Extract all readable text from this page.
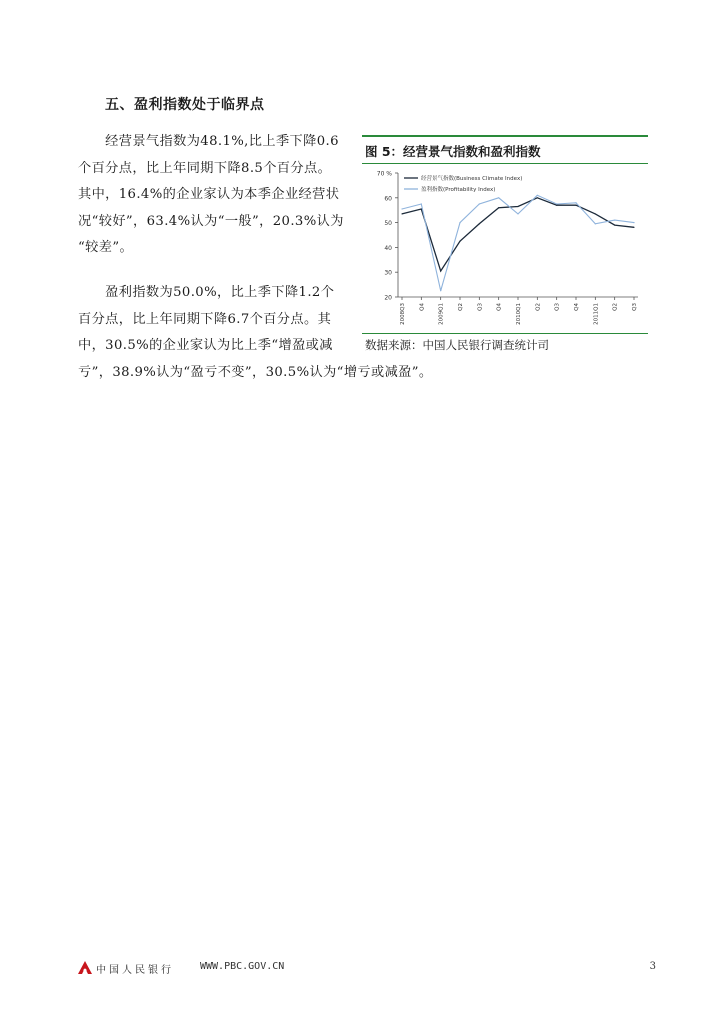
五、盈利指数处于临界点
　　经营景气指数为48.1%,比上季下降0.6
个百分点，比上年同期下降8.5个百分点。
其中，16.4%的企业家认为本季企业经营状
况“较好”，63.4%认为“一般”，20.3%认为
“较差”。
　　盈利指数为50.0%，比上季下降1.2个
百分点，比上年同期下降6.7个百分点。其
中，30.5%的企业家认为比上季“增盈或减
亏”，38.9%认为“盈亏不变”，30.5%认为“增亏或减盈”。
图 5：经营景气指数和盈利指数
20
30
40
50
60
70 %
2008Q3 Q4 2009Q1 Q2 Q3 Q4 2010Q1 Q2 Q3 Q4 2011Q1 Q2 Q3
经营景气指数(Business Climate Index)
盈利指数(Profitability Index)
数据来源：中国人民银行调查统计司
中国人民银行	WWW.PBC.GOV.CN	3
